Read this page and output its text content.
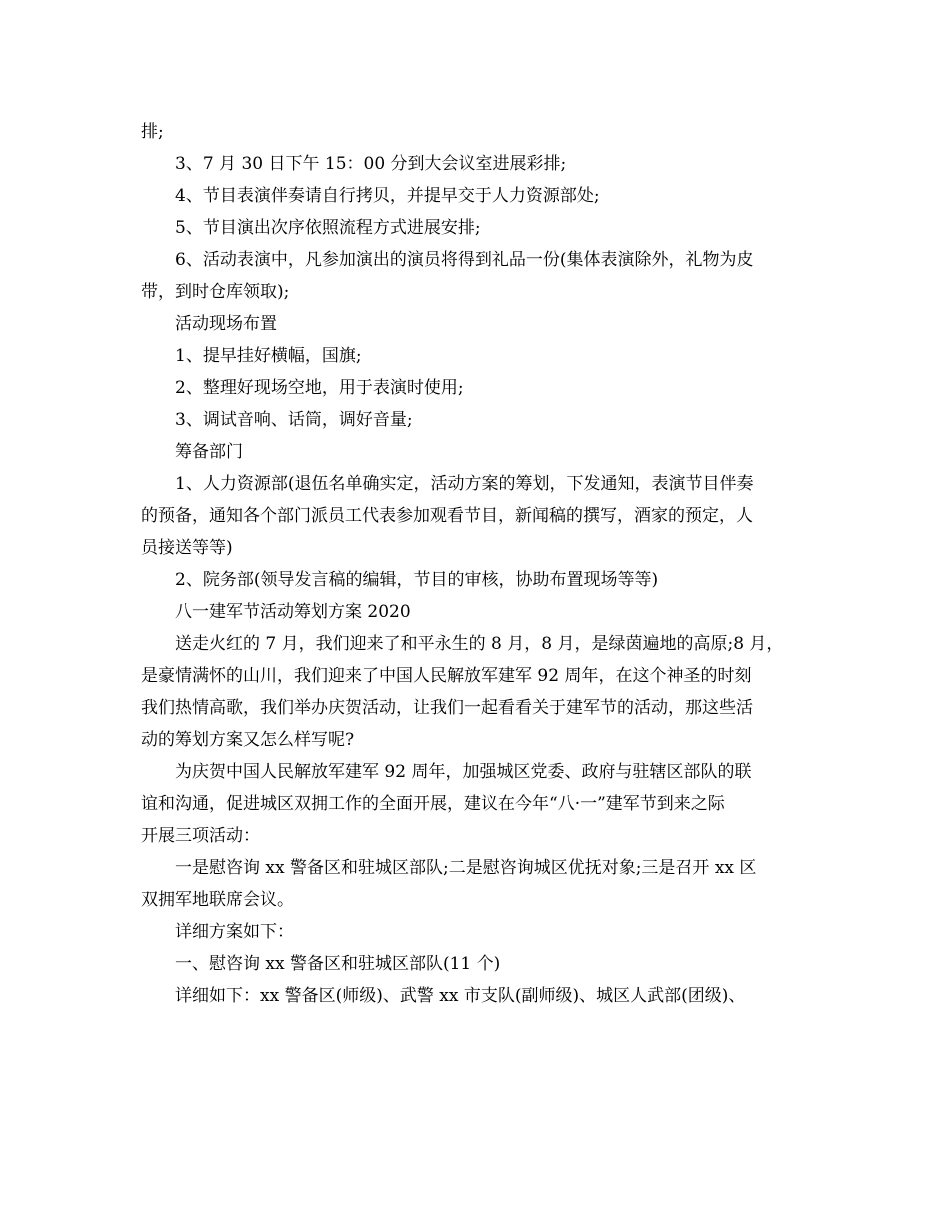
排;

3、7 月 30 日下午 15：00 分到大会议室进展彩排;

4、节目表演伴奏请自行拷贝，并提早交于人力资源部处;

5、节目演出次序依照流程方式进展安排;

6、活动表演中，凡参加演出的演员将得到礼品一份(集体表演除外，礼物为皮

带，到时仓库领取);

活动现场布置

1、提早挂好横幅，国旗;

2、整理好现场空地，用于表演时使用;

3、调试音响、话筒，调好音量;

筹备部门

1、人力资源部(退伍名单确实定，活动方案的筹划，下发通知，表演节目伴奏

的预备，通知各个部门派员工代表参加观看节目，新闻稿的撰写，酒家的预定，人

员接送等等)

2、院务部(领导发言稿的编辑，节目的审核，协助布置现场等等)

八一建军节活动筹划方案 2020

送走火红的 7 月，我们迎来了和平永生的 8 月，8 月，是绿茵遍地的高原;8 月，

是豪情满怀的山川，我们迎来了中国人民解放军建军 92 周年，在这个神圣的时刻

我们热情高歌，我们举办庆贺活动，让我们一起看看关于建军节的活动，那这些活

动的筹划方案又怎么样写呢?

为庆贺中国人民解放军建军 92 周年，加强城区党委、政府与驻辖区部队的联

谊和沟通，促进城区双拥工作的全面开展，建议在今年“八·一”建军节到来之际

开展三项活动：

一是慰咨询 xx 警备区和驻城区部队;二是慰咨询城区优抚对象;三是召开 xx 区

双拥军地联席会议。

详细方案如下：

一、慰咨询 xx 警备区和驻城区部队(11 个)

详细如下：xx 警备区(师级)、武警 xx 市支队(副师级)、城区人武部(团级)、
